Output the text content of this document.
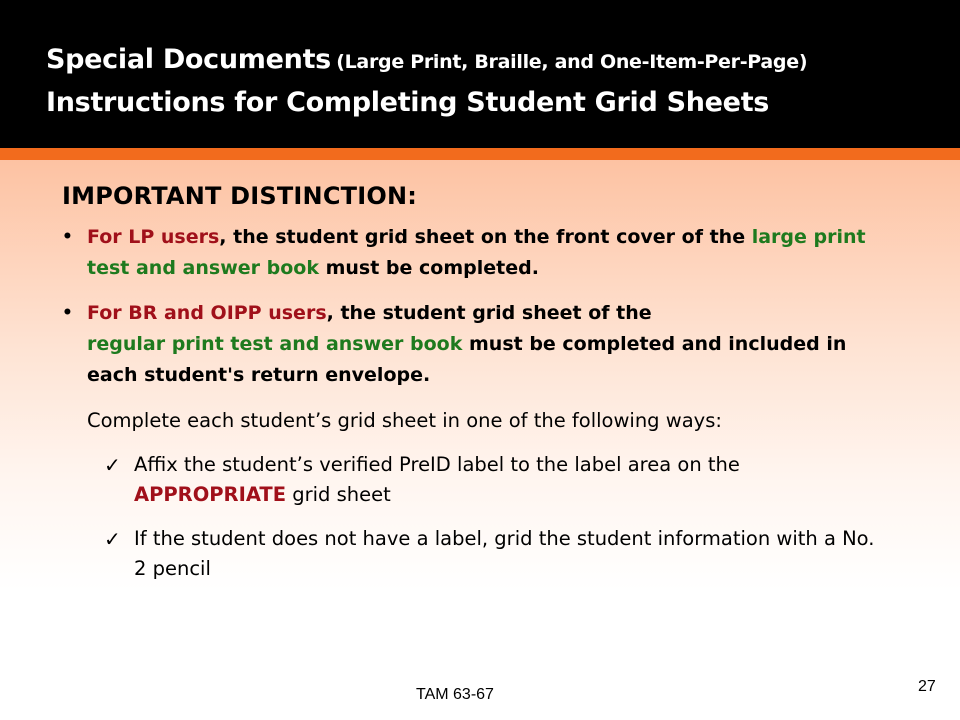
Special Documents (Large Print, Braille, and One-Item-Per-Page)
Instructions for Completing Student Grid Sheets
IMPORTANT DISTINCTION:
• For LP users, the student grid sheet on the front cover of the large print test and answer book must be completed.
• For BR and OIPP users, the student grid sheet of the
regular print test and answer book must be completed and included in each student's return envelope.
Complete each student’s grid sheet in one of the following ways:
✓ Affix the student’s verified PreID label to the label area on the APPROPRIATE grid sheet
✓ If the student does not have a label, grid the student information with a No. 2 pencil
TAM 63-67	27
